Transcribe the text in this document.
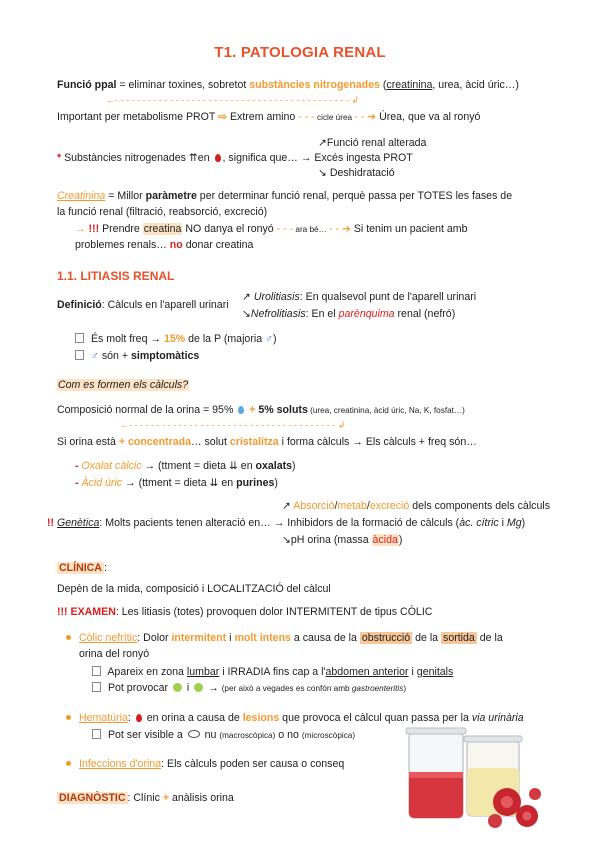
T1. PATOLOGIA RENAL
Funció ppal = eliminar toxines, sobretot substàncies nitrogenades (creatinina, urea, àcid úric…)
←- - - - - - - - - - - - - - - - - - - - - - - - - - - - - - - - - - - - - - - - - - - ↲
Important per metabolisme PROT ⇨ Extrem amino - - - cicle úrea - - ➔ Úrea, que va al ronyó
↗Funció renal alterada
* Substàncies nitrogenades ⇈en , significa que… → Excés ingesta PROT
↘ Deshidratació
Creatinina = Millor paràmetre per determinar funció renal, perquè passa per TOTES les fases de
la funció renal (filtració, reabsorció, excreció)
→ !!! Prendre creatina NO danya el ronyó - - - ara bé… - - ➔ Si tenim un pacient amb
problemes renals… no donar creatina
1.1. LITIASIS RENAL
↗ Urolitiasis: En qualsevol punt de l'aparell urinari
Definició: Càlculs en l'aparell urinari
↘Nefrolitiasis: En el parènquima renal (nefró)
És molt freq → 15% de la P (majoria ♂)
♂ són + simptomàtics
Com es formen els càlculs?
Composició normal de la orina = 95%  + 5% soluts (urea, creatinina, àcid úric, Na, K, fosfat…)
←- - - - - - - - - - - - - - - - - - - - - - - - - - - - - - - - - - - - - - ↲
Si orina està + concentrada… solut cristalitza i forma càlculs → Els càlculs + freq són…
- Oxalat càlcic → (ttment = dieta ⇊ en oxalats)
- Àcid úric → (ttment = dieta ⇊ en purines)
↗ Absorció/metab/excreció dels components dels càlculs
!! Genètica: Molts pacients tenen alteració en… → Inhibidors de la formació de càlculs (àc. cítric i Mg)
↘pH orina (massa àcida)
CLÍNICA :
Depèn de la mida, composició i LOCALITZACIÓ del càlcul
!!! EXAMEN: Les litiasis (totes) provoquen dolor INTERMITENT de tipus CÒLIC
Còlic nefrític: Dolor intermitent i molt intens a causa de la obstrucció de la sortida de la
orina del ronyó
Apareix en zona lumbar i IRRADIA fins cap a l'abdomen anterior i genitals
Pot provocar  i  → (per això a vegades es confón amb gastroenteritis)
Hematúria:  en orina a causa de lesions que provoca el càlcul quan passa per la via urinària
Pot ser visible a  nu (macroscòpica) o no (microscòpica)
Infeccions d'orina: Els càlculs poden ser causa o conseq
DIAGNÒSTIC : Clínic + anàlisis orina
